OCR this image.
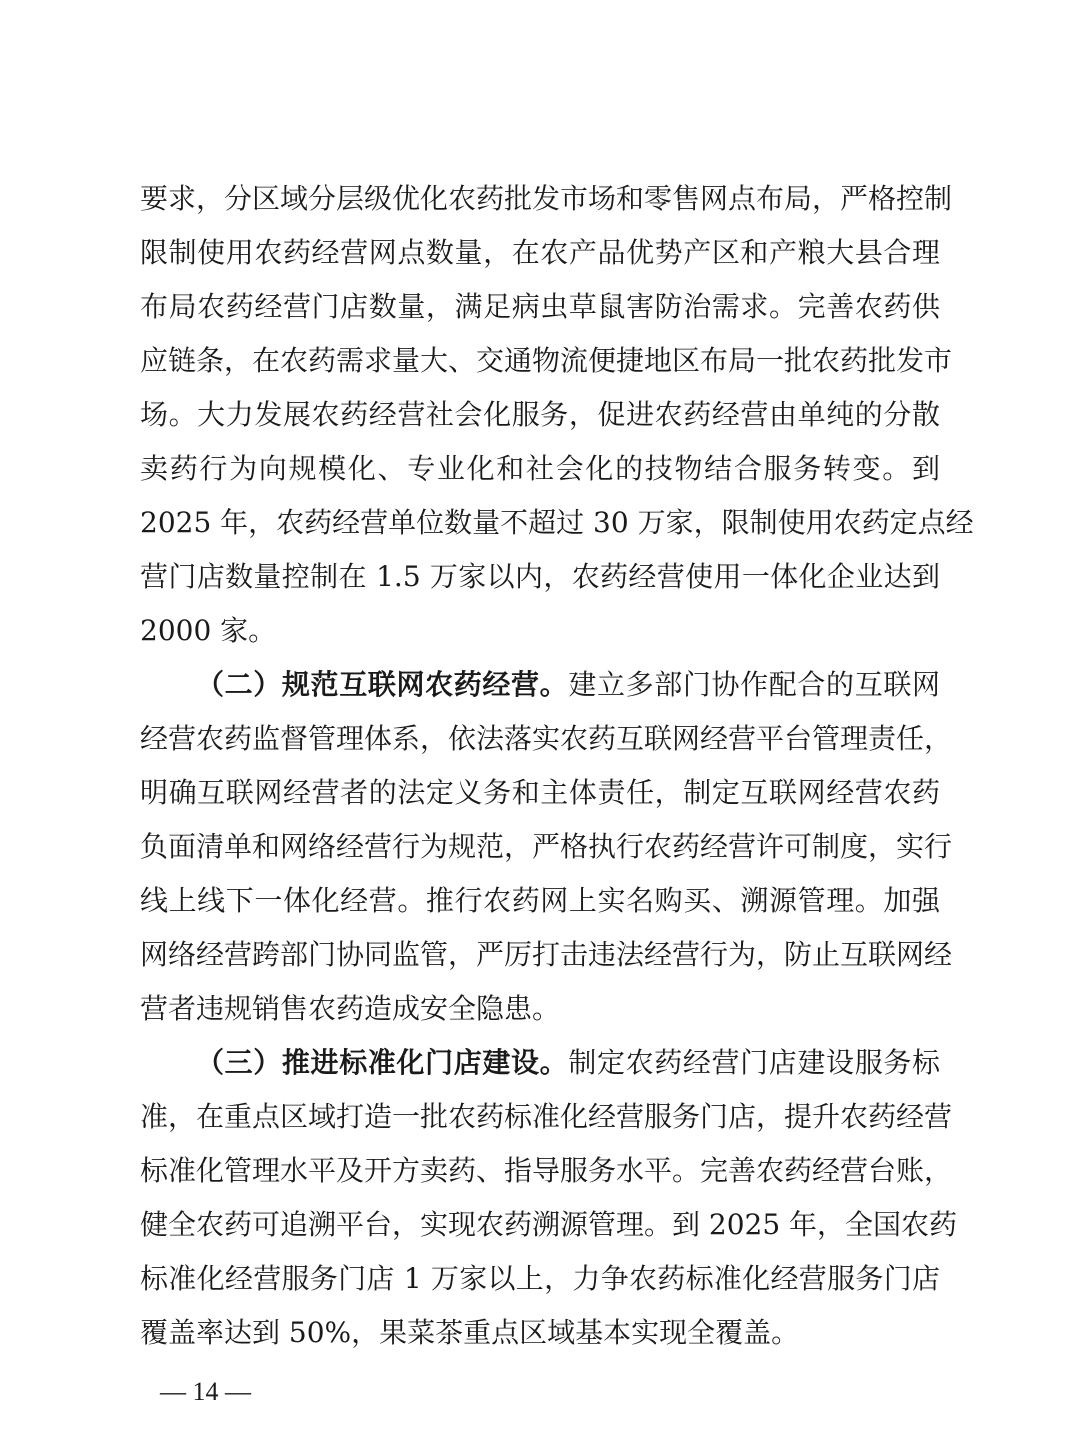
要求，分区域分层级优化农药批发市场和零售网点布局，严格控制
限制使用农药经营网点数量，在农产品优势产区和产粮大县合理
布局农药经营门店数量，满足病虫草鼠害防治需求。完善农药供
应链条，在农药需求量大、交通物流便捷地区布局一批农药批发市
场。大力发展农药经营社会化服务，促进农药经营由单纯的分散
卖药行为向规模化、专业化和社会化的技物结合服务转变。到
2025 年，农药经营单位数量不超过 30 万家，限制使用农药定点经
营门店数量控制在 1.5 万家以内，农药经营使用一体化企业达到
2000 家。
（二）规范互联网农药经营。建立多部门协作配合的互联网
经营农药监督管理体系，依法落实农药互联网经营平台管理责任，
明确互联网经营者的法定义务和主体责任，制定互联网经营农药
负面清单和网络经营行为规范，严格执行农药经营许可制度，实行
线上线下一体化经营。推行农药网上实名购买、溯源管理。加强
网络经营跨部门协同监管，严厉打击违法经营行为，防止互联网经
营者违规销售农药造成安全隐患。
（三）推进标准化门店建设。制定农药经营门店建设服务标
准，在重点区域打造一批农药标准化经营服务门店，提升农药经营
标准化管理水平及开方卖药、指导服务水平。完善农药经营台账，
健全农药可追溯平台，实现农药溯源管理。到 2025 年，全国农药
标准化经营服务门店 1 万家以上，力争农药标准化经营服务门店
覆盖率达到 50%，果菜茶重点区域基本实现全覆盖。
— 14 —
